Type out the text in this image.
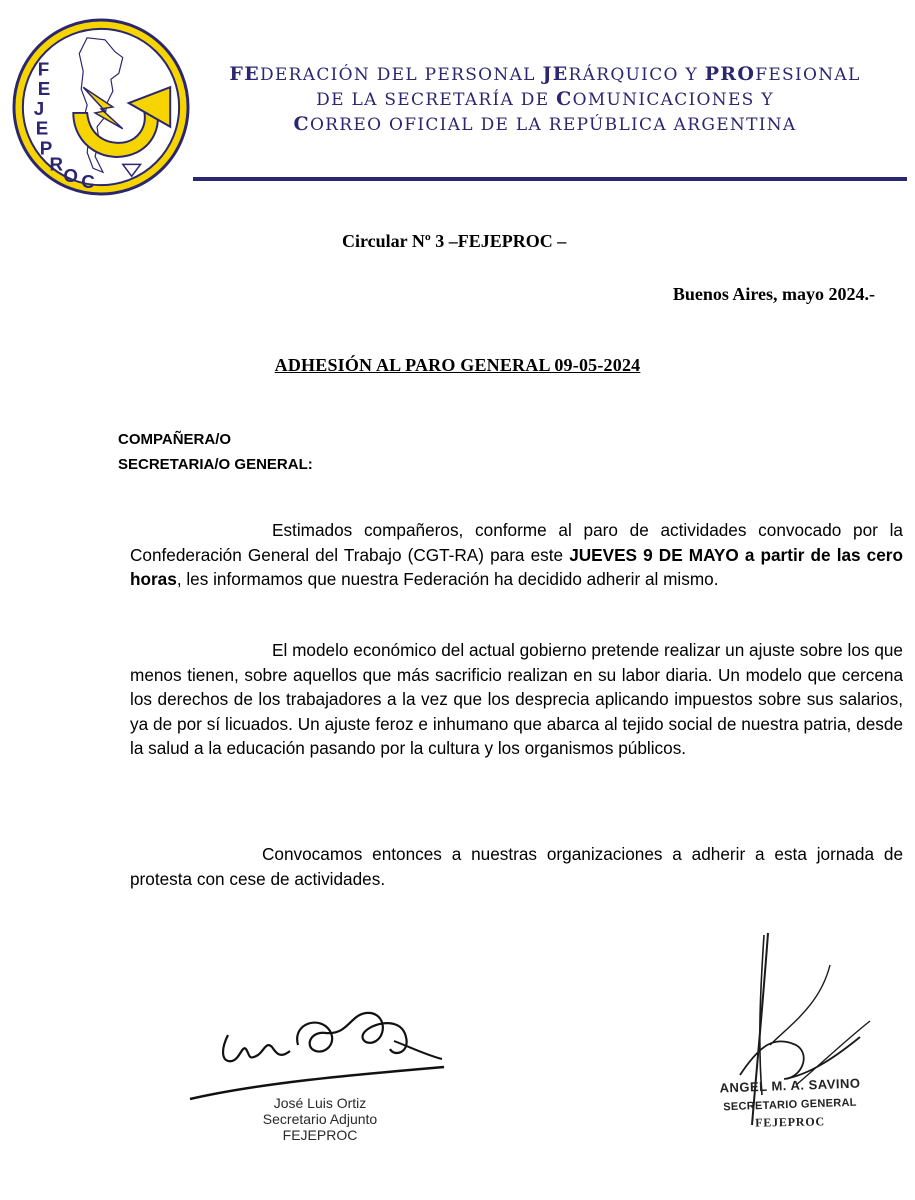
F
E
J
E
P
R
O C
FEDERACIÓN DEL PERSONAL JERÁRQUICO Y PROFESIONAL
DE LA SECRETARÍA DE COMUNICACIONES Y
CORREO OFICIAL DE LA REPÚBLICA ARGENTINA
Circular Nº 3 –FEJEPROC –
Buenos Aires, mayo 2024.-
ADHESIÓN AL PARO GENERAL 09-05-2024
COMPAÑERA/O
SECRETARIA/O GENERAL:

Estimados compañeros, conforme al paro de actividades convocado por la Confederación General del Trabajo (CGT-RA) para este JUEVES 9 DE MAYO a partir de las cero horas, les informamos que nuestra Federación ha decidido adherir al mismo.

El modelo económico del actual gobierno pretende realizar un ajuste sobre los que menos tienen, sobre aquellos que más sacrificio realizan en su labor diaria. Un modelo que cercena los derechos de los trabajadores a la vez que los desprecia aplicando impuestos sobre sus salarios, ya de por sí licuados. Un ajuste feroz e inhumano que abarca al tejido social de nuestra patria, desde la salud a la educación pasando por la cultura y los organismos públicos.

Convocamos entonces a nuestras organizaciones a adherir a esta jornada de protesta con cese de actividades.

José Luis Ortiz
Secretario Adjunto
FEJEPROC
ANGEL M. A. SAVINO
SECRETARIO GENERAL
FEJEPROC
